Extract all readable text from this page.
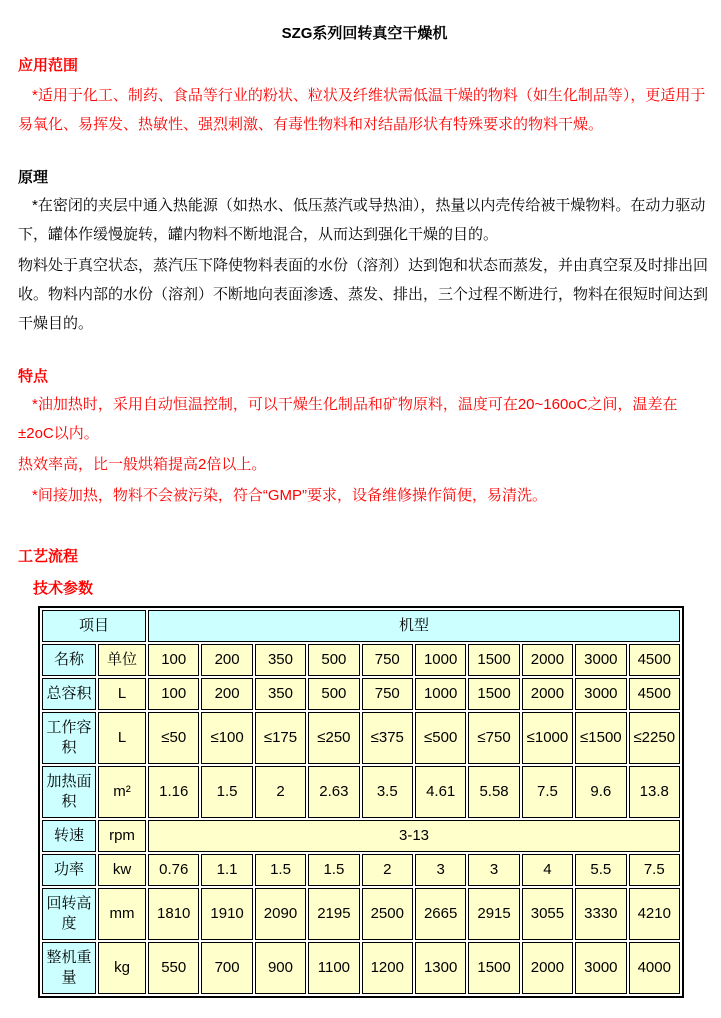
SZG系列回转真空干燥机
应用范围

*适用于化工、制药、食品等行业的粉状、粒状及纤维状需低温干燥的物料（如生化制品等），更适用于易氧化、易挥发、热敏性、强烈刺激、有毒性物料和对结晶形状有特殊要求的物料干燥。

原理

*在密闭的夹层中通入热能源（如热水、低压蒸汽或导热油），热量以内壳传给被干燥物料。在动力驱动下，罐体作缓慢旋转，罐内物料不断地混合，从而达到强化干燥的目的。

物料处于真空状态，蒸汽压下降使物料表面的水份（溶剂）达到饱和状态而蒸发，并由真空泵及时排出回收。物料内部的水份（溶剂）不断地向表面渗透、蒸发、排出，三个过程不断进行，物料在很短时间达到干燥目的。

特点

*油加热时，采用自动恒温控制，可以干燥生化制品和矿物原料，温度可在20~160oC之间，温差在±2oC以内。

热效率高，比一般烘箱提高2倍以上。

*间接加热，物料不会被污染，符合“GMP”要求，设备维修操作简便，易清洗。

工艺流程
技术参数
项目		机型									
名称	单位	100	200	350	500	750	1000	1500	2000	3000	4500
总容积	L	100	200	350	500	750	1000	1500	2000	3000	4500
工作容积	L	≤50	≤100	≤175	≤250	≤375	≤500	≤750	≤1000	≤1500	≤2250
加热面积	m²	1.16	1.5	2	2.63	3.5	4.61	5.58	7.5	9.6	13.8
转速	rpm	3-13									
功率	kw	0.76	1.1	1.5	1.5	2	3	3	4	5.5	7.5
回转高度	mm	1810	1910	2090	2195	2500	2665	2915	3055	3330	4210
整机重量	kg	550	700	900	1100	1200	1300	1500	2000	3000	4000
